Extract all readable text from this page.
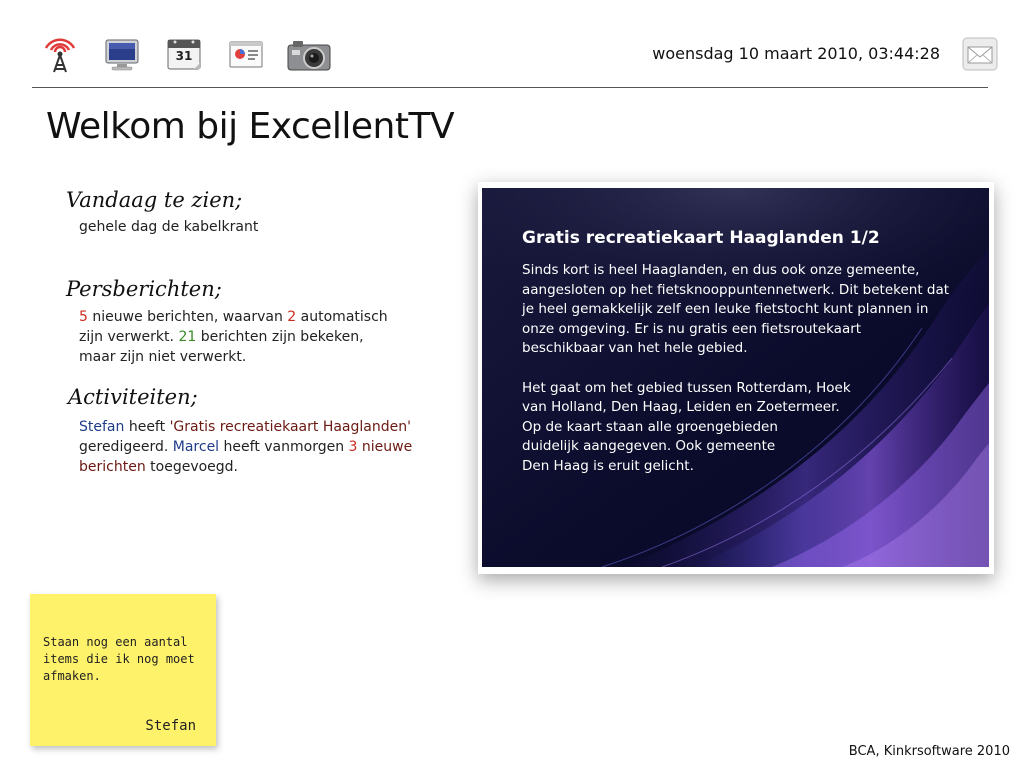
31	woensdag 10 maart 2010, 03:44:28
Welkom bij ExcellentTV
Vandaag te zien;

gehele dag de kabelkrant

Persberichten;

5 nieuwe berichten, waarvan 2 automatisch
zijn verwerkt. 21 berichten zijn bekeken,
maar zijn niet verwerkt.

Activiteiten;

Stefan heeft 'Gratis recreatiekaart Haaglanden'
geredigeerd. Marcel heeft vanmorgen 3 nieuwe berichten toegevoegd.

Gratis recreatiekaart Haaglanden 1/2

Sinds kort is heel Haaglanden, en dus ook onze gemeente,
aangesloten op het fietsknooppuntennetwerk. Dit betekent dat
je heel gemakkelijk zelf een leuke fietstocht kunt plannen in
onze omgeving. Er is nu gratis een fietsroutekaart
beschikbaar van het hele gebied.

Het gaat om het gebied tussen Rotterdam, Hoek
van Holland, Den Haag, Leiden en Zoetermeer.
Op de kaart staan alle groengebieden
duidelijk aangegeven. Ook gemeente
Den Haag is eruit gelicht.

Staan nog een aantal items die ik nog moet afmaken.

Stefan
BCA, Kinkrsoftware 2010
